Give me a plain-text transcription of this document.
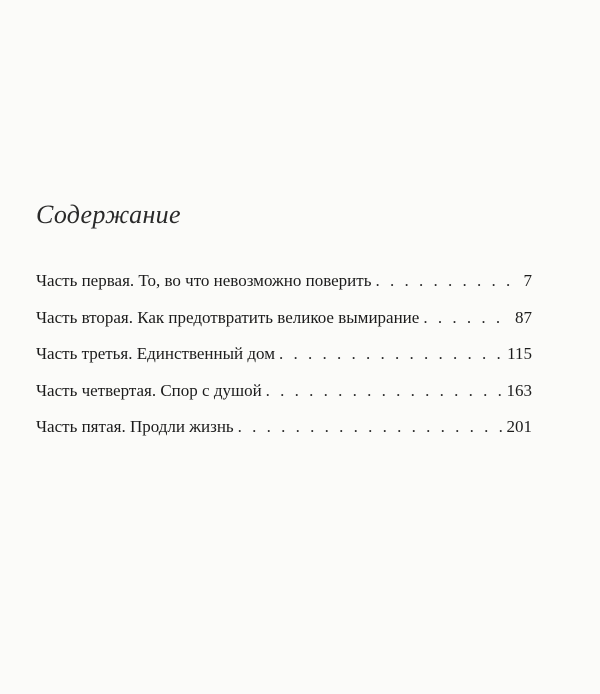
Содержание
Часть первая. То, во что невозможно поверить . . .	7
Часть вторая. Как предотвратить великое вымирание . . .	87
Часть третья. Единственный дом . . .	115
Часть четвертая. Спор с душой . . .	163
Часть пятая. Продли жизнь . . .	201
